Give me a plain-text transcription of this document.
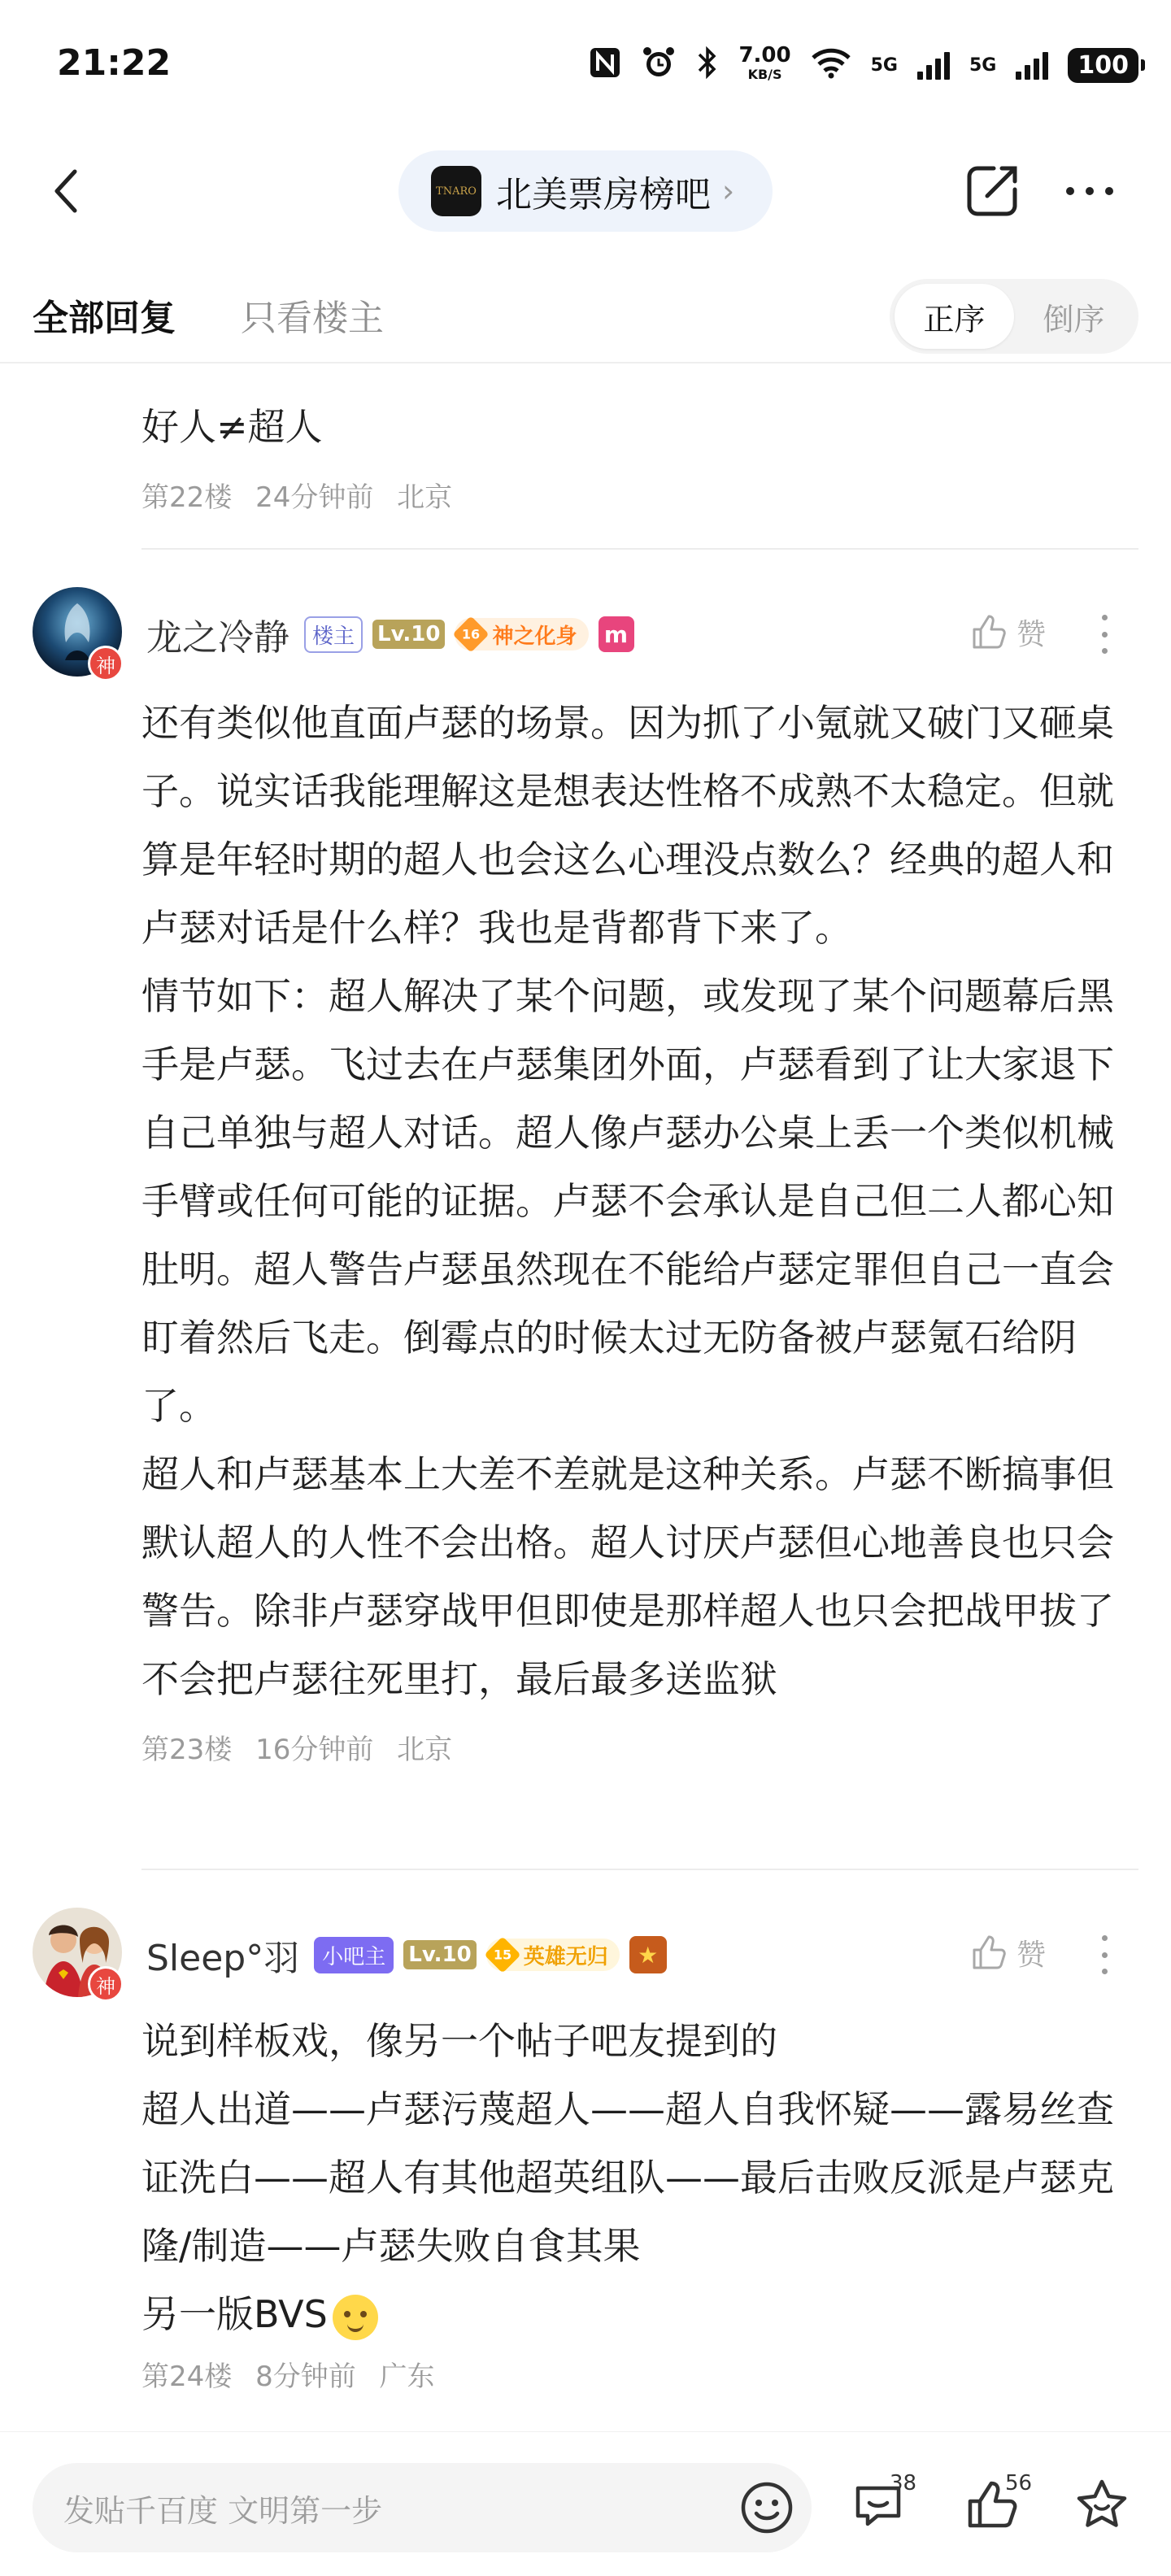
21:22	7.00
KB/S	5G	5G	100
TNARO 北美票房榜吧 ›
全部回复 只看楼主	正序	倒序
好人≠超人
第22楼 24分钟前 北京
神
龙之冷静	楼主	Lv.10	16 神之化身 m	赞
还有类似他直面卢瑟的场景。因为抓了小氪就又破门又砸桌子。说实话我能理解这是想表达性格不成熟不太稳定。但就算是年轻时期的超人也会这么心理没点数么？经典的超人和卢瑟对话是什么样？我也是背都背下来了。
情节如下：超人解决了某个问题，或发现了某个问题幕后黑手是卢瑟。飞过去在卢瑟集团外面，卢瑟看到了让大家退下自己单独与超人对话。超人像卢瑟办公桌上丢一个类似机械手臂或任何可能的证据。卢瑟不会承认是自己但二人都心知肚明。超人警告卢瑟虽然现在不能给卢瑟定罪但自己一直会盯着然后飞走。倒霉点的时候太过无防备被卢瑟氪石给阴了。
超人和卢瑟基本上大差不差就是这种关系。卢瑟不断搞事但默认超人的人性不会出格。超人讨厌卢瑟但心地善良也只会警告。除非卢瑟穿战甲但即使是那样超人也只会把战甲拔了不会把卢瑟往死里打，最后最多送监狱
第23楼 16分钟前 北京
神
Sleep°羽	小吧主	Lv.10	15 英雄无归	★	赞
说到样板戏，像另一个帖子吧友提到的
超人出道——卢瑟污蔑超人——超人自我怀疑——露易丝查证洗白——超人有其他超英组队——最后击败反派是卢瑟克隆/制造——卢瑟失败自食其果
另一版BVS
第24楼 8分钟前 广东
发贴千百度 文明第一步
38	56
